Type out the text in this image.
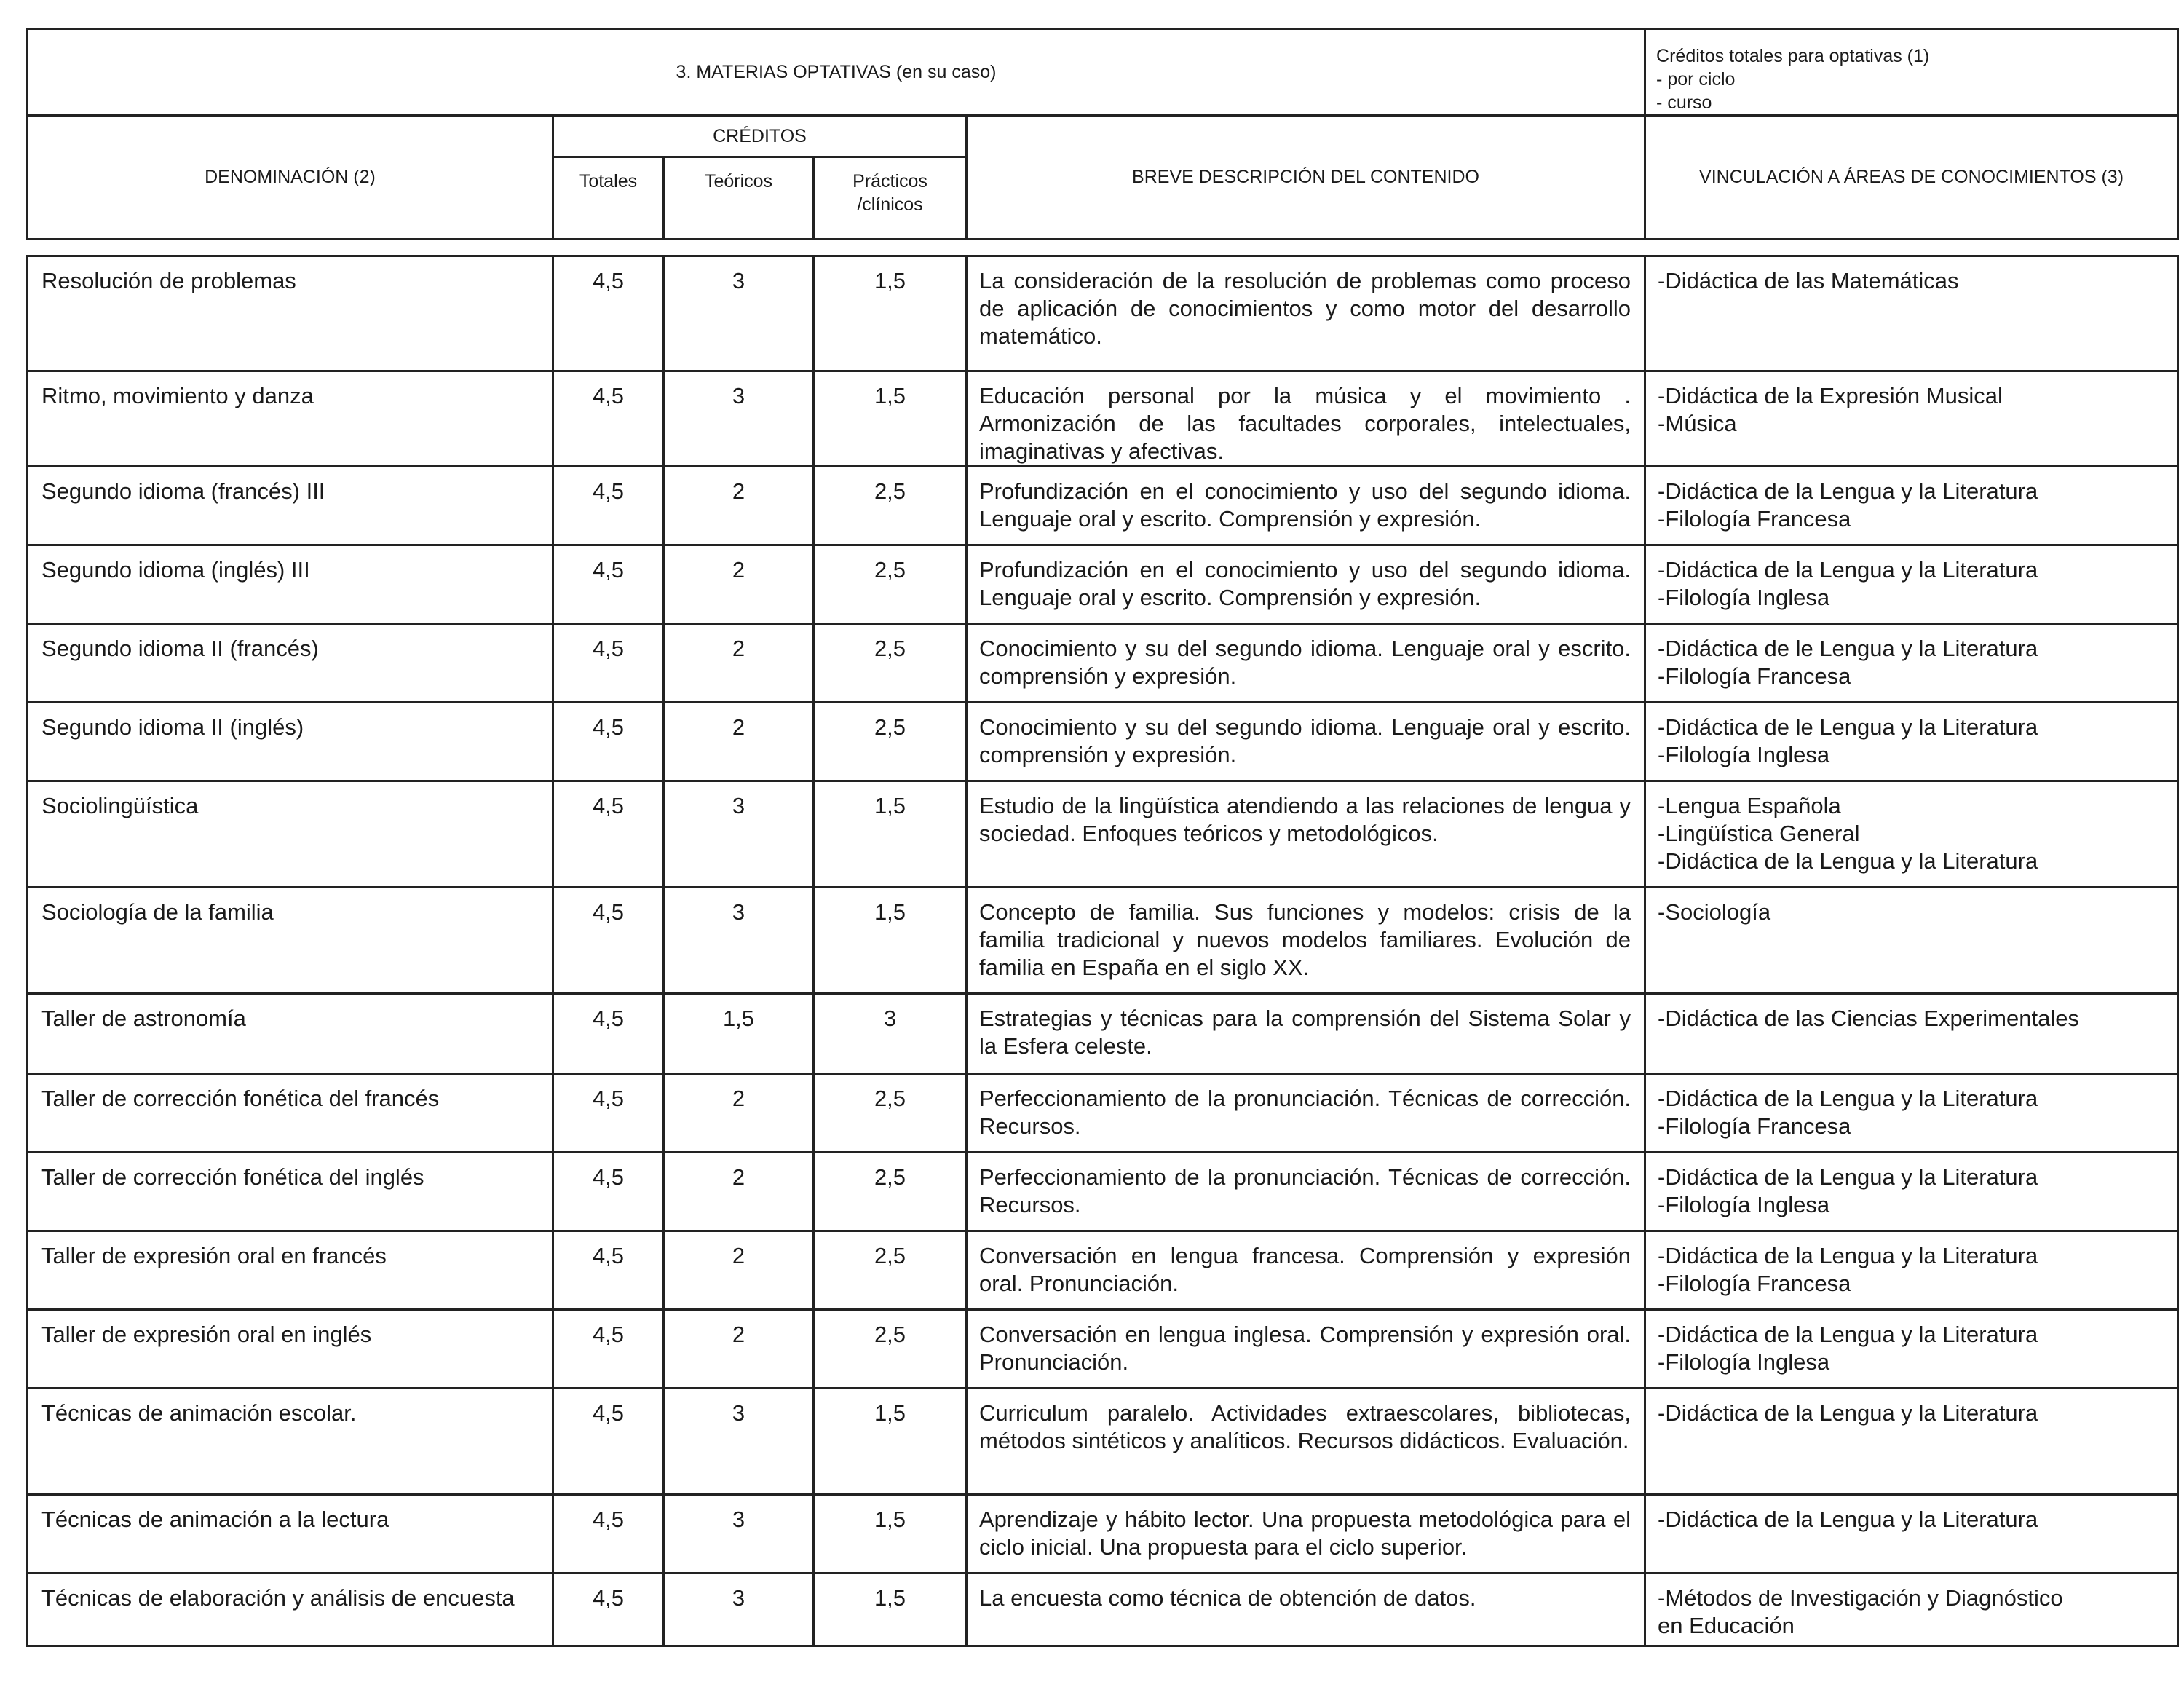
3. MATERIAS OPTATIVAS (en su caso)					Créditos totales para optativas (1)
- por ciclo
- curso

DENOMINACIÓN (2)	CRÉDITOS			BREVE DESCRIPCIÓN DEL CONTENIDO	VINCULACIÓN A ÁREAS DE CONOCIMIENTOS (3)
	Totales	Teóricos	Prácticos
/clínicos		

Resolución de problemas	4,5	3	1,5	La consideración de la resolución de problemas como proceso de aplicación de conocimientos y como motor del desarrollo matemático.	-Didáctica de las Matemáticas

Ritmo, movimiento y danza	4,5	3	1,5	Educación personal por la música y el movimiento . Armonización de las facultades corporales, intelectuales, imaginativas y afectivas.	-Didáctica de la Expresión Musical
-Música

Segundo idioma (francés) III	4,5	2	2,5	Profundización en el conocimiento y uso del segundo idioma. Lenguaje oral y escrito. Comprensión y expresión.	-Didáctica de la Lengua y la Literatura
-Filología Francesa

Segundo idioma (inglés) III	4,5	2	2,5	Profundización en el conocimiento y uso del segundo idioma. Lenguaje oral y escrito. Comprensión y expresión.	-Didáctica de la Lengua y la Literatura
-Filología Inglesa

Segundo idioma II (francés)	4,5	2	2,5	Conocimiento y su del segundo idioma. Lenguaje oral y escrito. comprensión y expresión.	-Didáctica de le Lengua y la Literatura
-Filología Francesa

Segundo idioma II (inglés)	4,5	2	2,5	Conocimiento y su del segundo idioma. Lenguaje oral y escrito. comprensión y expresión.	-Didáctica de le Lengua y la Literatura
-Filología Inglesa

Sociolingüística	4,5	3	1,5	Estudio de la lingüística atendiendo a las relaciones de lengua y sociedad. Enfoques teóricos y metodológicos.	-Lengua Española
-Lingüística General
-Didáctica de la Lengua y la Literatura

Sociología de la familia	4,5	3	1,5	Concepto de familia. Sus funciones y modelos: crisis de la familia tradicional y nuevos modelos familiares. Evolución de familia en España en el siglo XX.	-Sociología

Taller de astronomía	4,5	1,5	3	Estrategias y técnicas para la comprensión del Sistema Solar y la Esfera celeste.	-Didáctica de las Ciencias Experimentales

Taller de corrección fonética del francés	4,5	2	2,5	Perfeccionamiento de la pronunciación. Técnicas de corrección. Recursos.	-Didáctica de la Lengua y la Literatura
-Filología Francesa

Taller de corrección fonética del inglés	4,5	2	2,5	Perfeccionamiento de la pronunciación. Técnicas de corrección. Recursos.	-Didáctica de la Lengua y la Literatura
-Filología Inglesa

Taller de expresión oral en francés	4,5	2	2,5	Conversación en lengua francesa. Comprensión y expresión oral. Pronunciación.	-Didáctica de la Lengua y la Literatura
-Filología Francesa

Taller de expresión oral en inglés	4,5	2	2,5	Conversación en lengua inglesa. Comprensión y expresión oral. Pronunciación.	-Didáctica de la Lengua y la Literatura
-Filología Inglesa

Técnicas de animación escolar.	4,5	3	1,5	Curriculum paralelo. Actividades extraescolares, bibliotecas, métodos sintéticos y analíticos. Recursos didácticos. Evaluación.	-Didáctica de la Lengua y la Literatura

Técnicas de animación a la lectura	4,5	3	1,5	Aprendizaje y hábito lector. Una propuesta metodológica para el ciclo inicial. Una propuesta para el ciclo superior.	-Didáctica de la Lengua y la Literatura

Técnicas de elaboración y análisis de encuesta	4,5	3	1,5	La encuesta como técnica de obtención de datos.	-Métodos de Investigación y Diagnóstico
en Educación
